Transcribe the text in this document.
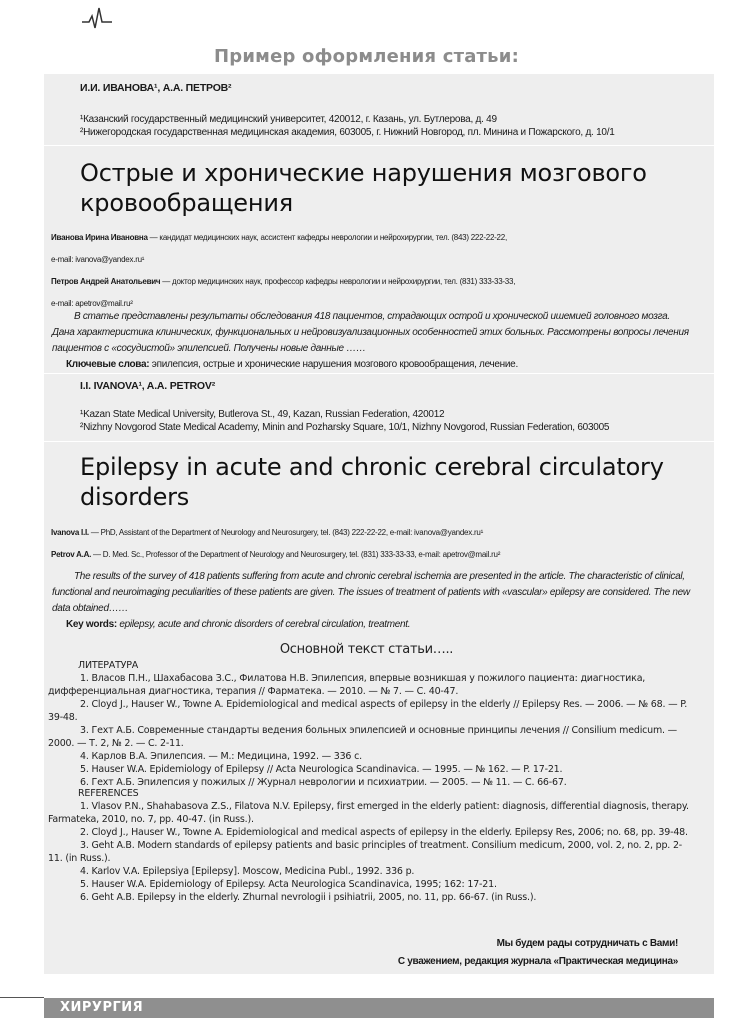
Пример оформления статьи:
И.И. ИВАНОВА¹, А.А. ПЕТРОВ²
¹Казанский государственный медицинский университет, 420012, г. Казань, ул. Бутлерова, д. 49
²Нижегородская государственная медицинская академия, 603005, г. Нижний Новгород, пл. Минина и Пожарского, д. 10/1
Острые и хронические нарушения мозгового кровообращения
Иванова Ирина Ивановна — кандидат медицинских наук, ассистент кафедры неврологии и нейрохирургии, тел. (843) 222-22-22,
e-mail: ivanova@yandex.ru¹
Петров Андрей Анатольевич — доктор медицинских наук, профессор кафедры неврологии и нейрохирургии, тел. (831) 333-33-33,
e-mail: apetrov@mail.ru²
В статье представлены результаты обследования 418 пациентов, страдающих острой и хронической ишемией головного мозга. Дана характеристика клинических, функциональных и нейровизуализационных особенностей этих больных. Рассмотрены вопросы лечения пациентов с «сосудистой» эпилепсией. Получены новые данные ……
Ключевые слова: эпилепсия, острые и хронические нарушения мозгового кровообращения, лечение.
I.I. IVANOVA¹, A.A. PETROV²
¹Kazan State Medical University, Butlerova St., 49, Kazan, Russian Federation, 420012
²Nizhny Novgorod State Medical Academy, Minin and Pozharsky Square, 10/1, Nizhny Novgorod, Russian Federation, 603005
Epilepsy in acute and chronic cerebral circulatory disorders
Ivanova I.I. — PhD, Assistant of the Department of Neurology and Neurosurgery, tel. (843) 222-22-22, e-mail: ivanova@yandex.ru¹
Petrov A.A. — D. Med. Sc., Professor of the Department of Neurology and Neurosurgery, tel. (831) 333-33-33, e-mail: apetrov@mail.ru²
The results of the survey of 418 patients suffering from acute and chronic cerebral ischemia are presented in the article. The characteristic of clinical, functional and neuroimaging peculiarities of these patients are given. The issues of treatment of patients with «vascular» epilepsy are considered. The new data obtained……
Key words: epilepsy, acute and chronic disorders of cerebral circulation, treatment.
Основной текст статьи…..
ЛИТЕРАТУРА

1. Власов П.Н., Шахабасова З.С., Филатова Н.В. Эпилепсия, впервые возникшая у пожилого пациента: диагностика, дифференциальная диагностика, терапия // Фарматека. — 2010. — № 7. — С. 40-47.

2. Cloyd J., Hauser W., Towne A. Epidemiological and medical aspects of epilepsy in the elderly // Epilepsy Res. — 2006. — № 68. — P. 39-48.

3. Гехт А.Б. Современные стандарты ведения больных эпилепсией и основные принципы лечения // Consilium medicum. — 2000. — Т. 2, № 2. — С. 2-11.

4. Карлов В.А. Эпилепсия. — М.: Медицина, 1992. — 336 с.

5. Hauser W.A. Epidemiology of Epilepsy // Acta Neurologica Scandinavica. — 1995. — № 162. — P. 17-21.

6. Гехт А.Б. Эпилепсия у пожилых // Журнал неврологии и психиатрии. — 2005. — № 11. — С. 66-67.

REFERENCES

1. Vlasov P.N., Shahabasova Z.S., Filatova N.V. Epilepsy, first emerged in the elderly patient: diagnosis, differential diagnosis, therapy. Farmateka, 2010, no. 7, pp. 40-47. (in Russ.).

2. Cloyd J., Hauser W., Towne A. Epidemiological and medical aspects of epilepsy in the elderly. Epilepsy Res, 2006; no. 68, pp. 39-48.

3. Geht A.B. Modern standards of epilepsy patients and basic principles of treatment. Consilium medicum, 2000, vol. 2, no. 2, pp. 2-11. (in Russ.).

4. Karlov V.A. Epilepsiya [Epilepsy]. Moscow, Medicina Publ., 1992. 336 p.

5. Hauser W.A. Epidemiology of Epilepsy. Acta Neurologica Scandinavica, 1995; 162: 17-21.

6. Geht A.B. Epilepsy in the elderly. Zhurnal nevrologii i psihiatrii, 2005, no. 11, pp. 66-67. (in Russ.).

Мы будем рады сотрудничать с Вами!
С уважением, редакция журнала «Практическая медицина»
ХИРУРГИЯ
